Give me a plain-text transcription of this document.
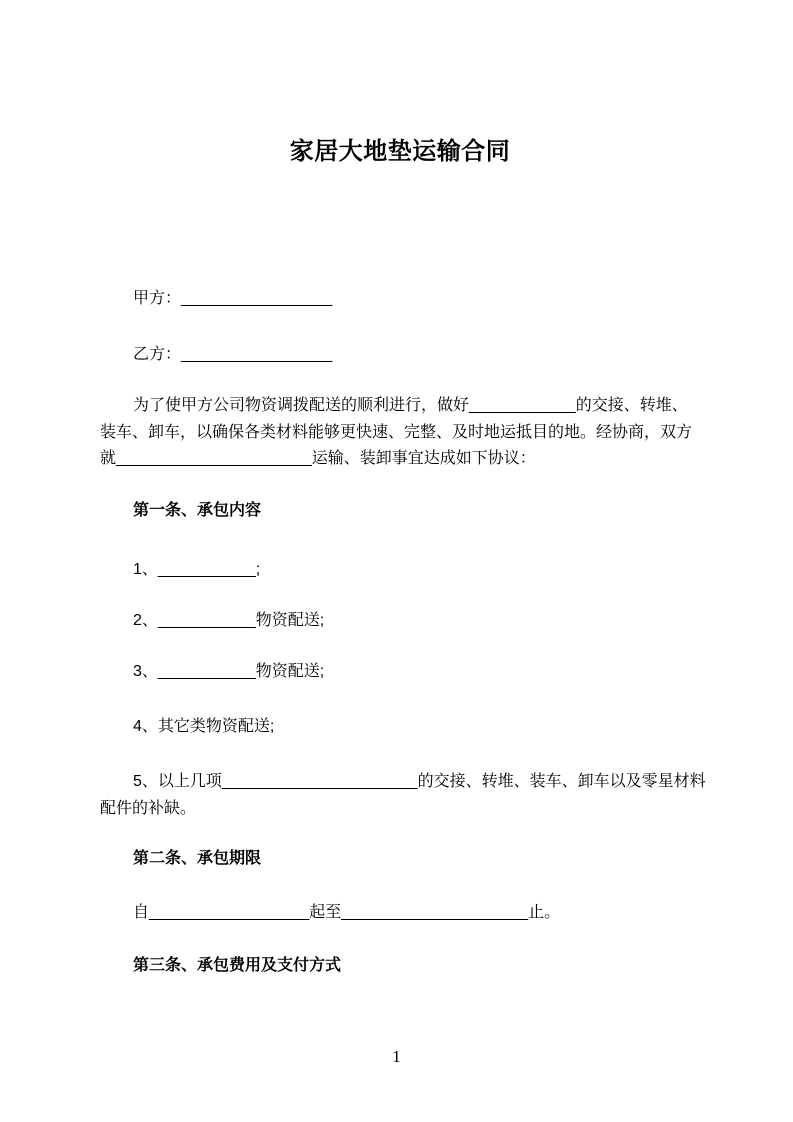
家居大地垫运输合同
甲方：_________________
乙方：_________________
为了使甲方公司物资调拨配送的顺利进行，做好____________的交接、转堆、
装车、卸车，以确保各类材料能够更快速、完整、及时地运抵目的地。经协商，双方
就______________________运输、装卸事宜达成如下协议：
第一条、承包内容
1、___________;
2、___________物资配送;
3、___________物资配送;
4、其它类物资配送;
5、以上几项______________________的交接、转堆、装车、卸车以及零星材料
配件的补缺。
第二条、承包期限
自__________________起至_____________________止。
第三条、承包费用及支付方式
1
